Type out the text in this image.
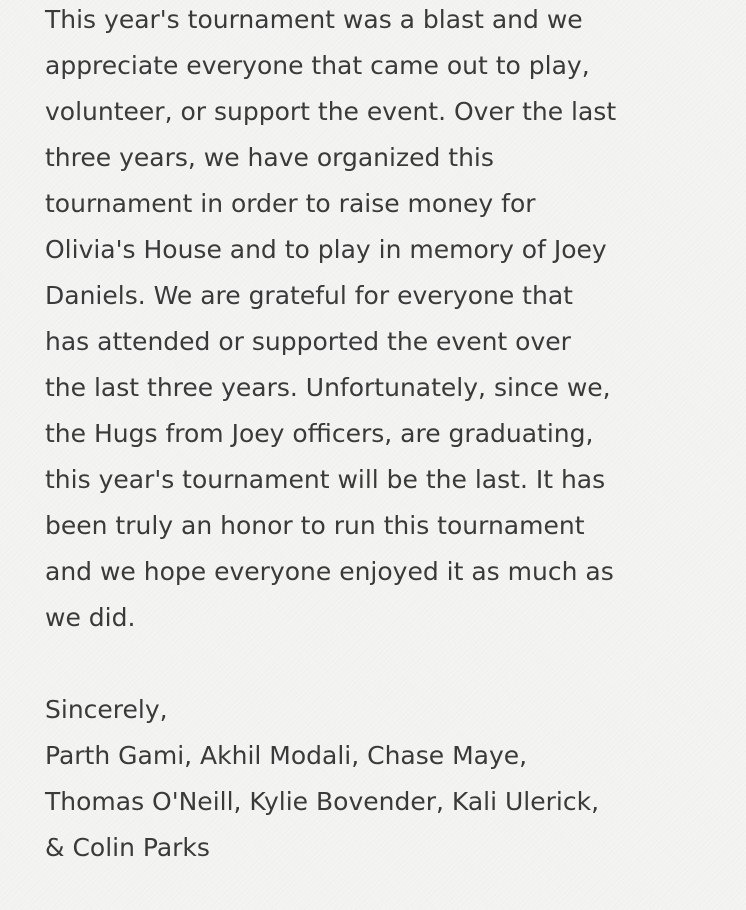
This year's tournament was a blast and we
appreciate everyone that came out to play,
volunteer, or support the event. Over the last
three years, we have organized this
tournament in order to raise money for
Olivia's House and to play in memory of Joey
Daniels. We are grateful for everyone that
has attended or supported the event over
the last three years. Unfortunately, since we,
the Hugs from Joey officers, are graduating,
this year's tournament will be the last. It has
been truly an honor to run this tournament
and we hope everyone enjoyed it as much as
we did.
Sincerely,
Parth Gami, Akhil Modali, Chase Maye,
Thomas O'Neill, Kylie Bovender, Kali Ulerick,
& Colin Parks
